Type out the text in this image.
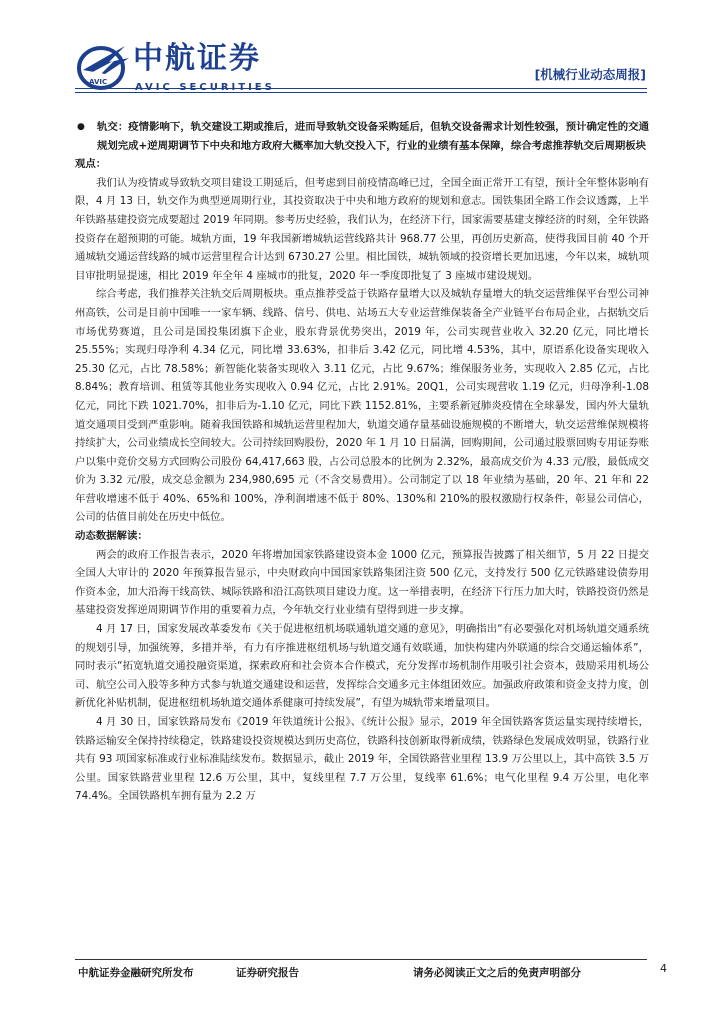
AVIC
中航证券
AVIC SECURITIES
[机械行业动态周报]
● 轨交：疫情影响下，轨交建设工期或推后，进而导致轨交设备采购延后，但轨交设备需求计划性较强，预计确定性的交通规划完成+逆周期调节下中央和地方政府大概率加大轨交投入下，行业的业绩有基本保障，综合考虑推荐轨交后周期板块

观点：

我们认为疫情或导致轨交项目建设工期延后，但考虑到目前疫情高峰已过，全国全面正常开工有望，预计全年整体影响有限，4 月 13 日，轨交作为典型逆周期行业，其投资取决于中央和地方政府的规划和意志。国铁集团全路工作会议透露，上半年铁路基建投资完成要超过 2019 年同期。参考历史经验，我们认为，在经济下行，国家需要基建支撑经济的时刻，全年铁路投资存在超预期的可能。城轨方面，19 年我国新增城轨运营线路共计 968.77 公里，再创历史新高，使得我国目前 40 个开通城轨交通运营线路的城市运营里程合计达到 6730.27 公里。相比国铁，城轨领域的投资增长更加迅速，今年以来，城轨项目审批明显提速，相比 2019 年全年 4 座城市的批复，2020 年一季度即批复了 3 座城市建设规划。

综合考虑，我们推荐关注轨交后周期板块。重点推荐受益于铁路存量增大以及城轨存量增大的轨交运营维保平台型公司神州高铁，公司是目前中国唯一一家车辆、线路、信号、供电、站场五大专业运营维保装备全产业链平台布局企业，占据轨交后市场优势赛道，且公司是国投集团旗下企业，股东背景优势突出，2019 年，公司实现营业收入 32.20 亿元，同比增长 25.55%；实现归母净利 4.34 亿元，同比增 33.63%，扣非后 3.42 亿元，同比增 4.53%，其中，原语系化设备实现收入 25.30 亿元，占比 78.58%；新智能化装备实现收入 3.11 亿元，占比 9.67%；维保服务业务，实现收入 2.85 亿元，占比 8.84%；教育培训、租赁等其他业务实现收入 0.94 亿元，占比 2.91%。20Q1，公司实现营收 1.19 亿元，归母净利-1.08 亿元，同比下跌 1021.70%，扣非后为-1.10 亿元，同比下跌 1152.81%，主要系新冠肺炎疫情在全球暴发，国内外大量轨道交通项目受到严重影响。随着我国铁路和城轨运营里程加大，轨道交通存量基础设施规模的不断增大，轨交运营维保规模将持续扩大，公司业绩成长空间较大。公司持续回购股份，2020 年 1 月 10 日届满，回购期间，公司通过股票回购专用证券账户以集中竞价交易方式回购公司股份 64,417,663 股，占公司总股本的比例为 2.32%，最高成交价为 4.33 元/股，最低成交价为 3.32 元/股，成交总金额为 234,980,695 元（不含交易费用）。公司制定了以 18 年业绩为基础，20 年、21 年和 22 年营收增速不低于 40%、65%和 100%，净利润增速不低于 80%、130%和 210%的股权激励行权条件，彰显公司信心，公司的估值目前处在历史中低位。

动态数据解读：

两会的政府工作报告表示，2020 年将增加国家铁路建设资本金 1000 亿元，预算报告披露了相关细节，5 月 22 日提交全国人大审计的 2020 年预算报告显示，中央财政向中国国家铁路集团注资 500 亿元，支持发行 500 亿元铁路建设债券用作资本金，加大沿海干线高铁、城际铁路和沿江高铁项目建设力度。这一举措表明，在经济下行压力加大时，铁路投资仍然是基建投资发挥逆周期调节作用的重要着力点，今年轨交行业业绩有望得到进一步支撑。

4 月 17 日，国家发展改革委发布《关于促进枢纽机场联通轨道交通的意见》，明确指出“有必要强化对机场轨道交通系统的规划引导，加强统筹，多措并举，有力有序推进枢纽机场与轨道交通有效联通，加快构建内外联通的综合交通运输体系”，同时表示“拓宽轨道交通投融资渠道，探索政府和社会资本合作模式，充分发挥市场机制作用吸引社会资本，鼓励采用机场公司、航空公司入股等多种方式参与轨道交通建设和运营，发挥综合交通多元主体组团效应。加强政府政策和资金支持力度，创新优化补贴机制，促进枢纽机场轨道交通体系健康可持续发展”，有望为城轨带来增量项目。

4 月 30 日，国家铁路局发布《2019 年铁道统计公报》、《统计公报》显示，2019 年全国铁路客货运量实现持续增长，铁路运输安全保持持续稳定，铁路建设投资规模达到历史高位，铁路科技创新取得新成绩，铁路绿色发展成效明显，铁路行业共有 93 项国家标准或行业标准陆续发布。数据显示，截止 2019 年，全国铁路营业里程 13.9 万公里以上，其中高铁 3.5 万公里。国家铁路营业里程 12.6 万公里，其中，复线里程 7.7 万公里，复线率 61.6%；电气化里程 9.4 万公里，电化率 74.4%。全国铁路机车拥有量为 2.2 万

中航证券金融研究所发布	证券研究报告	请务必阅读正文之后的免责声明部分	4
